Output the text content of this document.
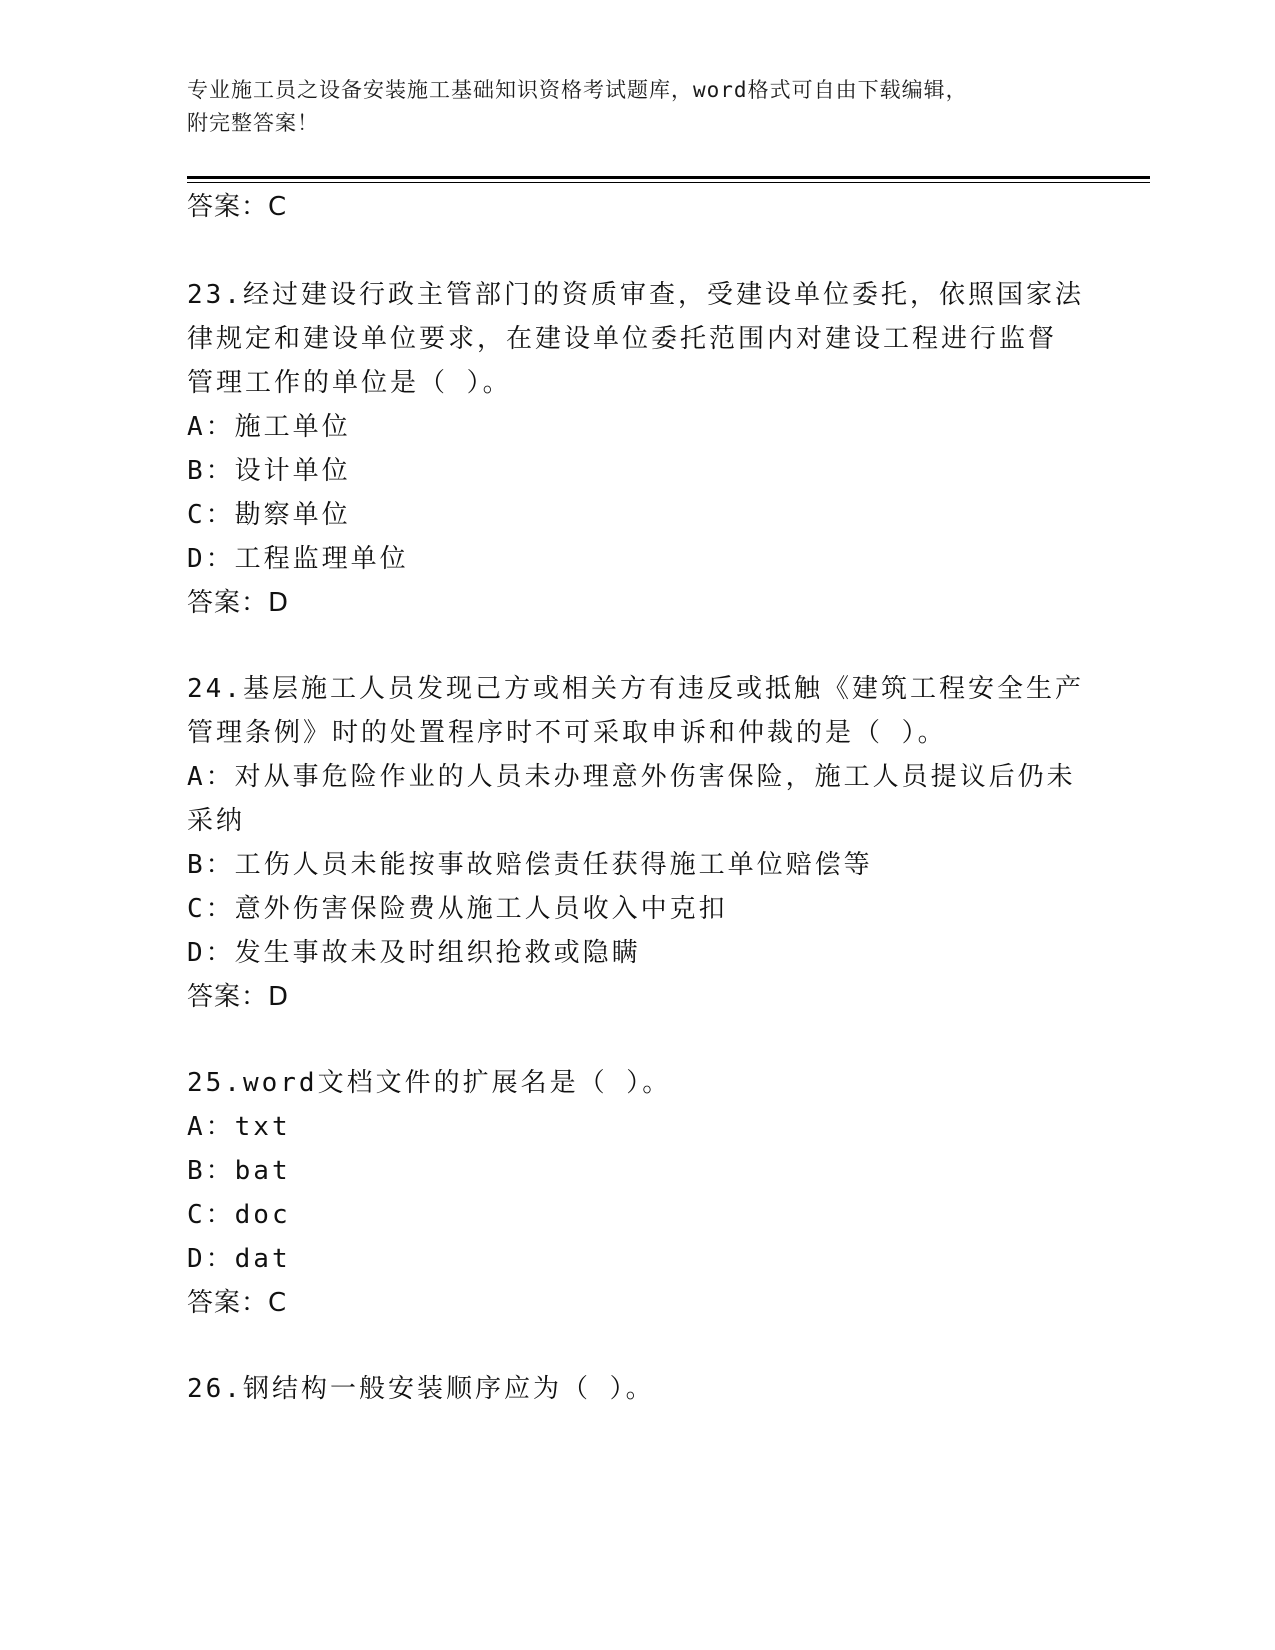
专业施工员之设备安装施工基础知识资格考试题库，word格式可自由下载编辑，
附完整答案！
答案：C
23.经过建设行政主管部门的资质审查，受建设单位委托，依照国家法
律规定和建设单位要求，在建设单位委托范围内对建设工程进行监督
管理工作的单位是（ ）。
A：施工单位
B：设计单位
C：勘察单位
D：工程监理单位
答案：D
24.基层施工人员发现己方或相关方有违反或抵触《建筑工程安全生产
管理条例》时的处置程序时不可采取申诉和仲裁的是（ ）。
A：对从事危险作业的人员未办理意外伤害保险，施工人员提议后仍未
采纳
B：工伤人员未能按事故赔偿责任获得施工单位赔偿等
C：意外伤害保险费从施工人员收入中克扣
D：发生事故未及时组织抢救或隐瞒
答案：D
25.word文档文件的扩展名是（ ）。
A：txt
B：bat
C：doc
D：dat
答案：C
26.钢结构一般安装顺序应为（ ）。
